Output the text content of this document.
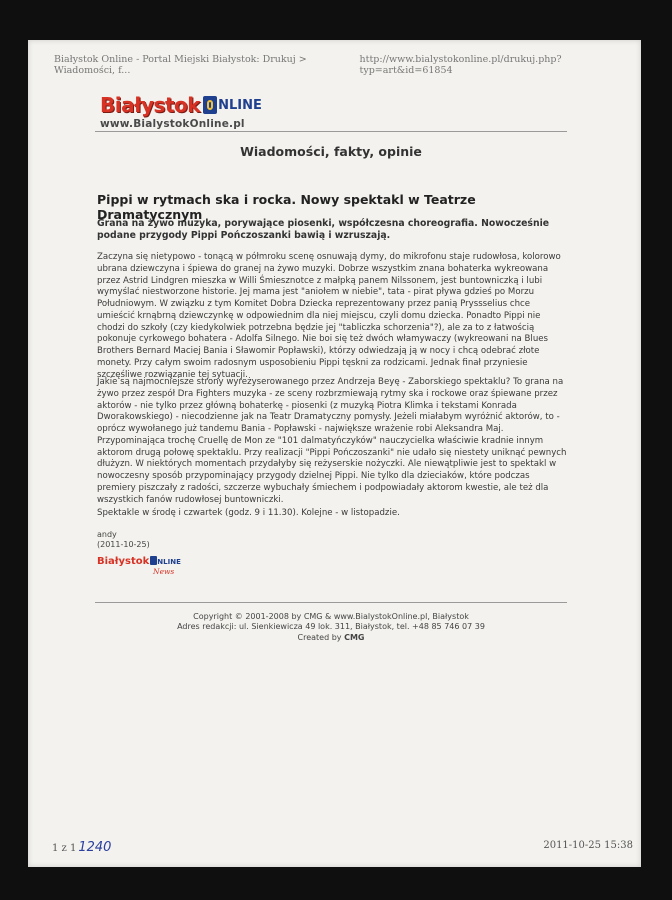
Białystok Online - Portal Miejski Białystok: Drukuj > Wiadomości, f...
http://www.bialystokonline.pl/drukuj.php?typ=art&id=61854
Białystok NLINE
www.BialystokOnline.pl
Wiadomości, fakty, opinie
Pippi w rytmach ska i rocka. Nowy spektakl w Teatrze Dramatycznym
Grana na żywo muzyka, porywające piosenki, współczesna choreografia. Nowocześnie podane przygody Pippi Pończoszanki bawią i wzruszają.
Zaczyna się nietypowo - tonącą w półmroku scenę osnuwają dymy, do mikrofonu staje rudowłosa, kolorowo ubrana dziewczyna i śpiewa do granej na żywo muzyki. Dobrze wszystkim znana bohaterka wykreowana przez Astrid Lindgren mieszka w Willi Śmiesznotce z małpką panem Nilssonem, jest buntowniczką i lubi wymyślać niestworzone historie. Jej mama jest "aniołem w niebie", tata - pirat pływa gdzieś po Morzu Południowym. W związku z tym Komitet Dobra Dziecka reprezentowany przez panią Pryssselius chce umieścić krnąbrną dziewczynkę w odpowiednim dla niej miejscu, czyli domu dziecka. Ponadto Pippi nie chodzi do szkoły (czy kiedykolwiek potrzebna będzie jej "tabliczka schorzenia"?), ale za to z łatwością pokonuje cyrkowego bohatera - Adolfa Silnego. Nie boi się też dwóch włamywaczy (wykreowani na Blues Brothers Bernard Maciej Bania i Sławomir Popławski), którzy odwiedzają ją w nocy i chcą odebrać złote monety. Przy całym swoim radosnym usposobieniu Pippi tęskni za rodzicami. Jednak finał przyniesie szczęśliwe rozwiązanie tej sytuacji.
Jakie są najmocniejsze strony wyreżyserowanego przez Andrzeja Beyę - Zaborskiego spektaklu? To grana na żywo przez zespół Dra Fighters muzyka - ze sceny rozbrzmiewają rytmy ska i rockowe oraz śpiewane przez aktorów - nie tylko przez główną bohaterkę - piosenki (z muzyką Piotra Klimka i tekstami Konrada Dworakowskiego) - niecodzienne jak na Teatr Dramatyczny pomysły. Jeżeli miałabym wyróżnić aktorów, to - oprócz wywołanego już tandemu Bania - Popławski - największe wrażenie robi Aleksandra Maj. Przypominająca trochę Cruellę de Mon ze "101 dalmatyńczyków" nauczycielka właściwie kradnie innym aktorom drugą połowę spektaklu. Przy realizacji "Pippi Pończoszanki" nie udało się niestety uniknąć pewnych dłużyzn. W niektórych momentach przydałyby się reżyserskie nożyczki. Ale niewątpliwie jest to spektakl w nowoczesny sposób przypominający przygody dzielnej Pippi. Nie tylko dla dzieciaków, które podczas premiery piszczały z radości, szczerze wybuchały śmiechem i podpowiadały aktorom kwestie, ale też dla wszystkich fanów rudowłosej buntowniczki.
Spektakle w środę i czwartek (godz. 9 i 11.30). Kolejne - w listopadzie.
andy
(2011-10-25)
Białystok NLINE
News
Copyright © 2001-2008 by CMG & www.BialystokOnline.pl, Białystok
Adres redakcji: ul. Sienkiewicza 49 lok. 311, Białystok, tel. +48 85 746 07 39
Created by CMG
1 z 1 1240	2011-10-25 15:38
